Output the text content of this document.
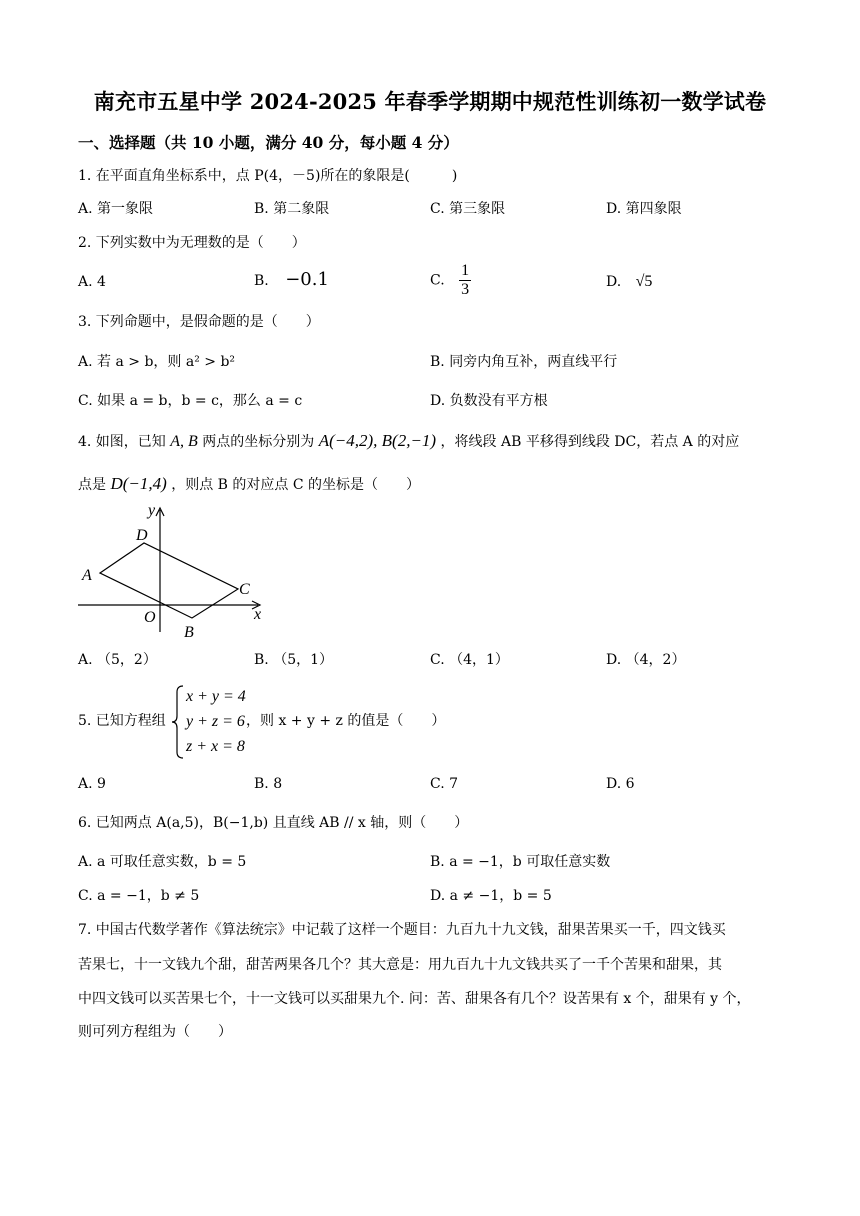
南充市五星中学 2024-2025 年春季学期期中规范性训练初一数学试卷
一、选择题（共 10 小题，满分 40 分，每小题 4 分）
1. 在平面直角坐标系中，点 P(4，－5)所在的象限是(　　　)
A. 第一象限	B. 第二象限	C. 第三象限	D. 第四象限
2. 下列实数中为无理数的是（　　）
A. 4	B. −0.1	C. $\frac{1}{3}$	D. √5
3. 下列命题中，是假命题的是（　　）
A. 若 a > b，则 a² > b²	B. 同旁内角互补，两直线平行
C. 如果 a = b，b = c，那么 a = c	D. 负数没有平方根
4. 如图，已知 A, B 两点的坐标分别为 A(−4,2), B(2,−1) ，将线段 AB 平移得到线段 DC，若点 A 的对应
点是 D(−1,4) ，则点 B 的对应点 C 的坐标是（　　）
y
x
O
A
D
C
B
A. （5，2）	B. （5，1）	C. （4，1）	D. （4，2）
5. 已知方程组
x + y = 4
y + z = 6
z + x = 8
，则 x + y + z 的值是（　　）
A. 9	B. 8	C. 7	D. 6
6. 已知两点 A(a,5)，B(−1,b) 且直线 AB // x 轴，则（　　）
A. a 可取任意实数，b = 5	B. a = −1，b 可取任意实数
C. a = −1，b ≠ 5	D. a ≠ −1，b = 5
7. 中国古代数学著作《算法统宗》中记载了这样一个题目：九百九十九文钱，甜果苦果买一千，四文钱买
苦果七，十一文钱九个甜，甜苦两果各几个？其大意是：用九百九十九文钱共买了一千个苦果和甜果，其
中四文钱可以买苦果七个，十一文钱可以买甜果九个. 问：苦、甜果各有几个？设苦果有 x 个，甜果有 y 个，
则可列方程组为（　　）
